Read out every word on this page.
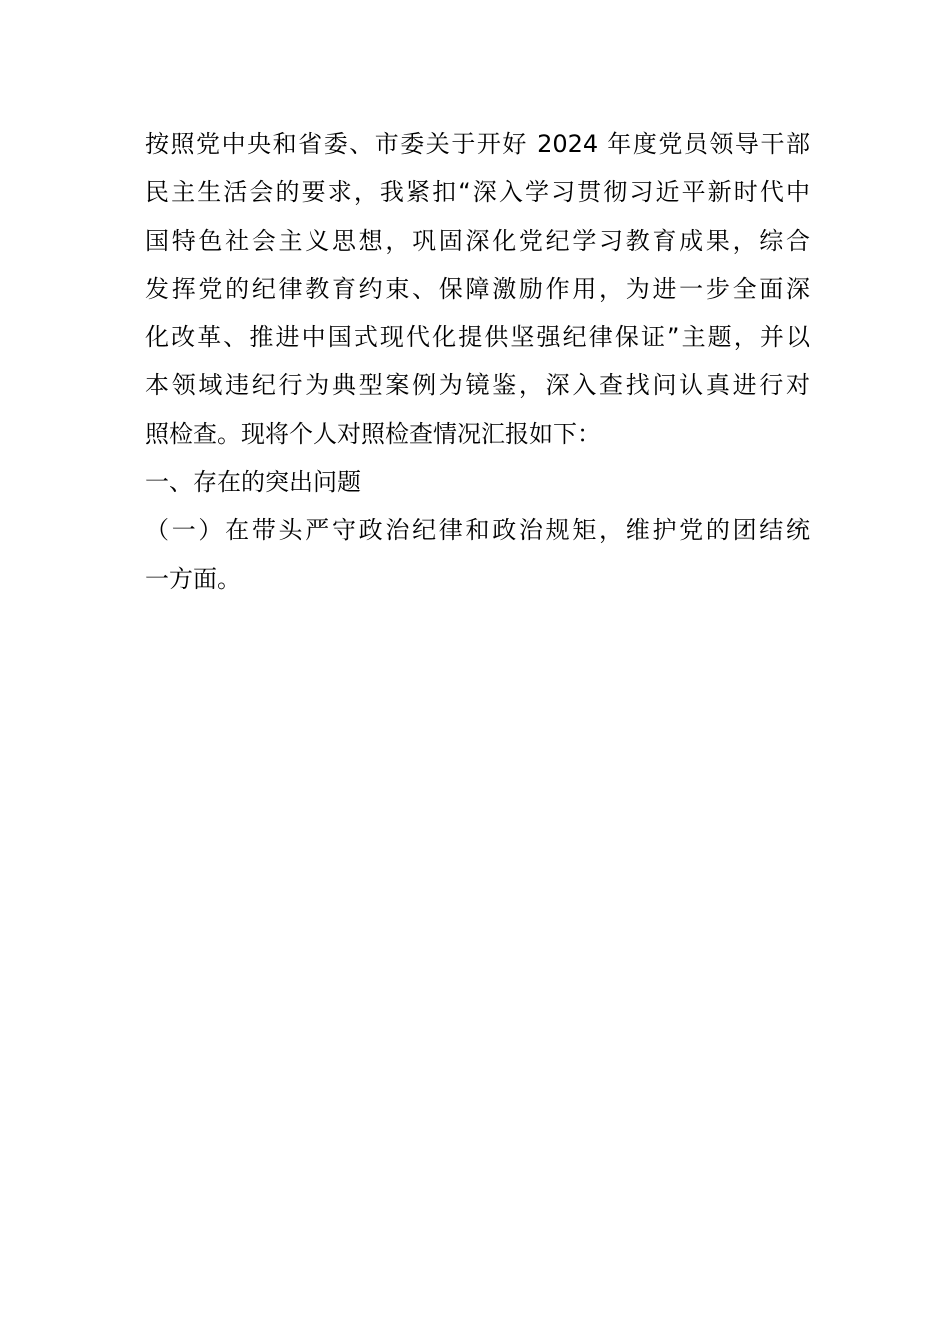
按照党中央和省委、市委关于开好 2024 年度党员领导干部
民主生活会的要求，我紧扣“深入学习贯彻习近平新时代中
国特色社会主义思想，巩固深化党纪学习教育成果，综合
发挥党的纪律教育约束、保障激励作用，为进一步全面深
化改革、推进中国式现代化提供坚强纪律保证”主题，并以
本领域违纪行为典型案例为镜鉴，深入查找问认真进行对
照检查。现将个人对照检查情况汇报如下：
一、存在的突出问题
（一）在带头严守政治纪律和政治规矩，维护党的团结统
一方面。
